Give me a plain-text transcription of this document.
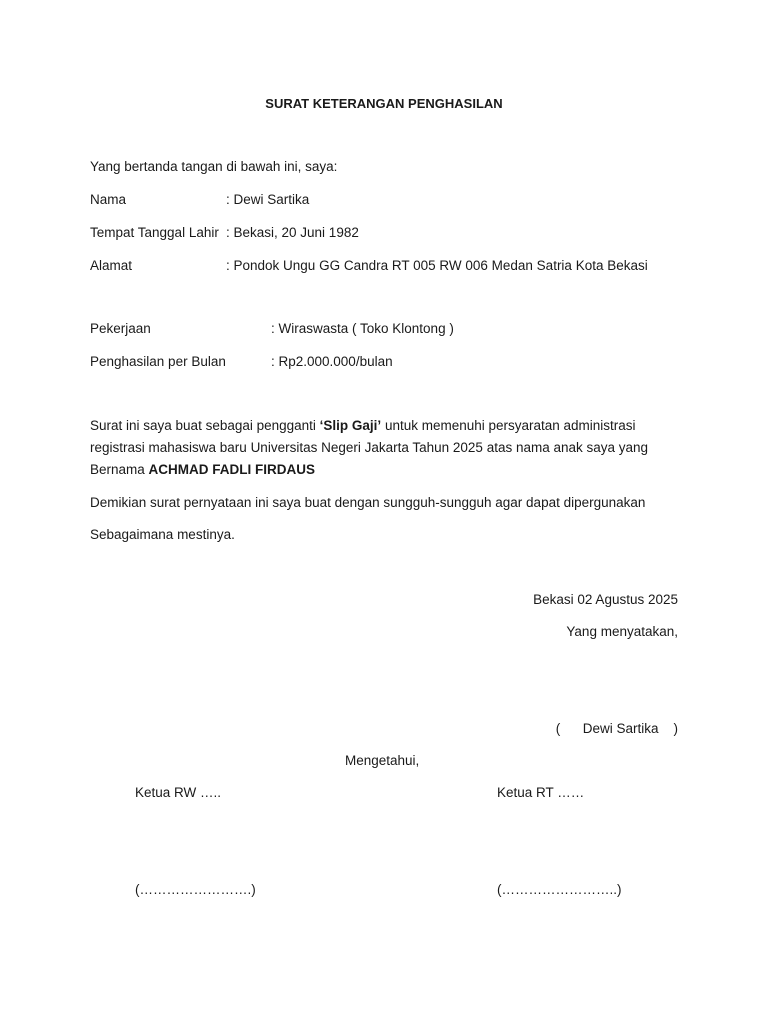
SURAT KETERANGAN PENGHASILAN
Yang bertanda tangan di bawah ini, saya:
Nama	: Dewi Sartika
Tempat Tanggal Lahir : Bekasi, 20 Juni 1982
Alamat	: Pondok Ungu GG Candra RT 005 RW 006 Medan Satria Kota Bekasi
Pekerjaan	: Wiraswasta ( Toko Klontong )
Penghasilan per Bulan	: Rp2.000.000/bulan
Surat ini saya buat sebagai pengganti ‘Slip Gaji’ untuk memenuhi persyaratan administrasi registrasi mahasiswa baru Universitas Negeri Jakarta Tahun 2025 atas nama anak saya yang Bernama ACHMAD FADLI FIRDAUS
Demikian surat pernyataan ini saya buat dengan sungguh-sungguh agar dapat dipergunakan
Sebagaimana mestinya.
Bekasi 02 Agustus 2025
Yang menyatakan,
(      Dewi Sartika    )
Mengetahui,
Ketua RW …..	Ketua RT ……
(…………………….)	(……………………..)
